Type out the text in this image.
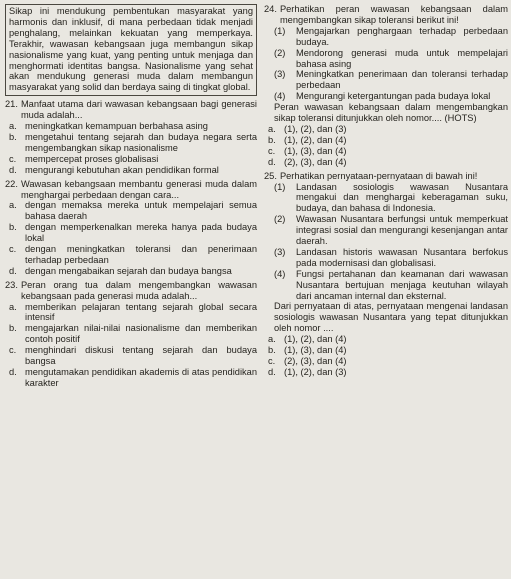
Sikap ini mendukung pembentukan masyarakat yang harmonis dan inklusif, di mana perbedaan tidak menjadi penghalang, melainkan kekuatan yang memperkaya. Terakhir, wawasan kebangsaan juga membangun sikap nasionalisme yang kuat, yang penting untuk menjaga dan menghormati identitas bangsa. Nasionalisme yang sehat akan mendukung generasi muda dalam membangun masyarakat yang solid dan berdaya saing di tingkat global.
21. Manfaat utama dari wawasan kebangsaan bagi generasi muda adalah...
a. meningkatkan kemampuan berbahasa asing
b. mengetahui tentang sejarah dan budaya negara serta mengembangkan sikap nasionalisme
c. mempercepat proses globalisasi
d. mengurangi kebutuhan akan pendidikan formal
22. Wawasan kebangsaan membantu generasi muda dalam menghargai perbedaan dengan cara...
a. dengan memaksa mereka untuk mempelajari semua bahasa daerah
b. dengan memperkenalkan mereka hanya pada budaya lokal
c. dengan meningkatkan toleransi dan penerimaan terhadap perbedaan
d. dengan mengabaikan sejarah dan budaya bangsa
23. Peran orang tua dalam mengembangkan wawasan kebangsaan pada generasi muda adalah...
a. memberikan pelajaran tentang sejarah global secara intensif
b. mengajarkan nilai-nilai nasionalisme dan memberikan contoh positif
c. menghindari diskusi tentang sejarah dan budaya bangsa
d. mengutamakan pendidikan akademis di atas pendidikan karakter
24. Perhatikan peran wawasan kebangsaan dalam mengembangkan sikap toleransi berikut ini!
(1)	Mengajarkan penghargaan terhadap perbedaan budaya.
(2)	Mendorong generasi muda untuk mempelajari bahasa asing
(3)	Meningkatkan penerimaan dan toleransi terhadap perbedaan
(4)	Mengurangi ketergantungan pada budaya lokal
Peran wawasan kebangsaan dalam mengembangkan sikap toleransi ditunjukkan oleh nomor.... (HOTS)
a. (1), (2), dan (3)
b. (1), (2), dan (4)
c. (1), (3), dan (4)
d. (2), (3), dan (4)
25. Perhatikan pernyataan-pernyataan di bawah ini!
(1)	Landasan sosiologis wawasan Nusantara mengakui dan menghargai keberagaman suku, budaya, dan bahasa di Indonesia.
(2)	Wawasan Nusantara berfungsi untuk memperkuat integrasi sosial dan mengurangi kesenjangan antar daerah.
(3)	Landasan historis wawasan Nusantara berfokus pada modernisasi dan globalisasi.
(4)	Fungsi pertahanan dan keamanan dari wawasan Nusantara bertujuan menjaga keutuhan wilayah dari ancaman internal dan eksternal.
Dari pernyataan di atas, pernyataan mengenai landasan sosiologis wawasan Nusantara yang tepat ditunjukkan oleh nomor ....
a. (1), (2), dan (4)
b. (1), (3), dan (4)
c. (2), (3), dan (4)
d. (1), (2), dan (3)
